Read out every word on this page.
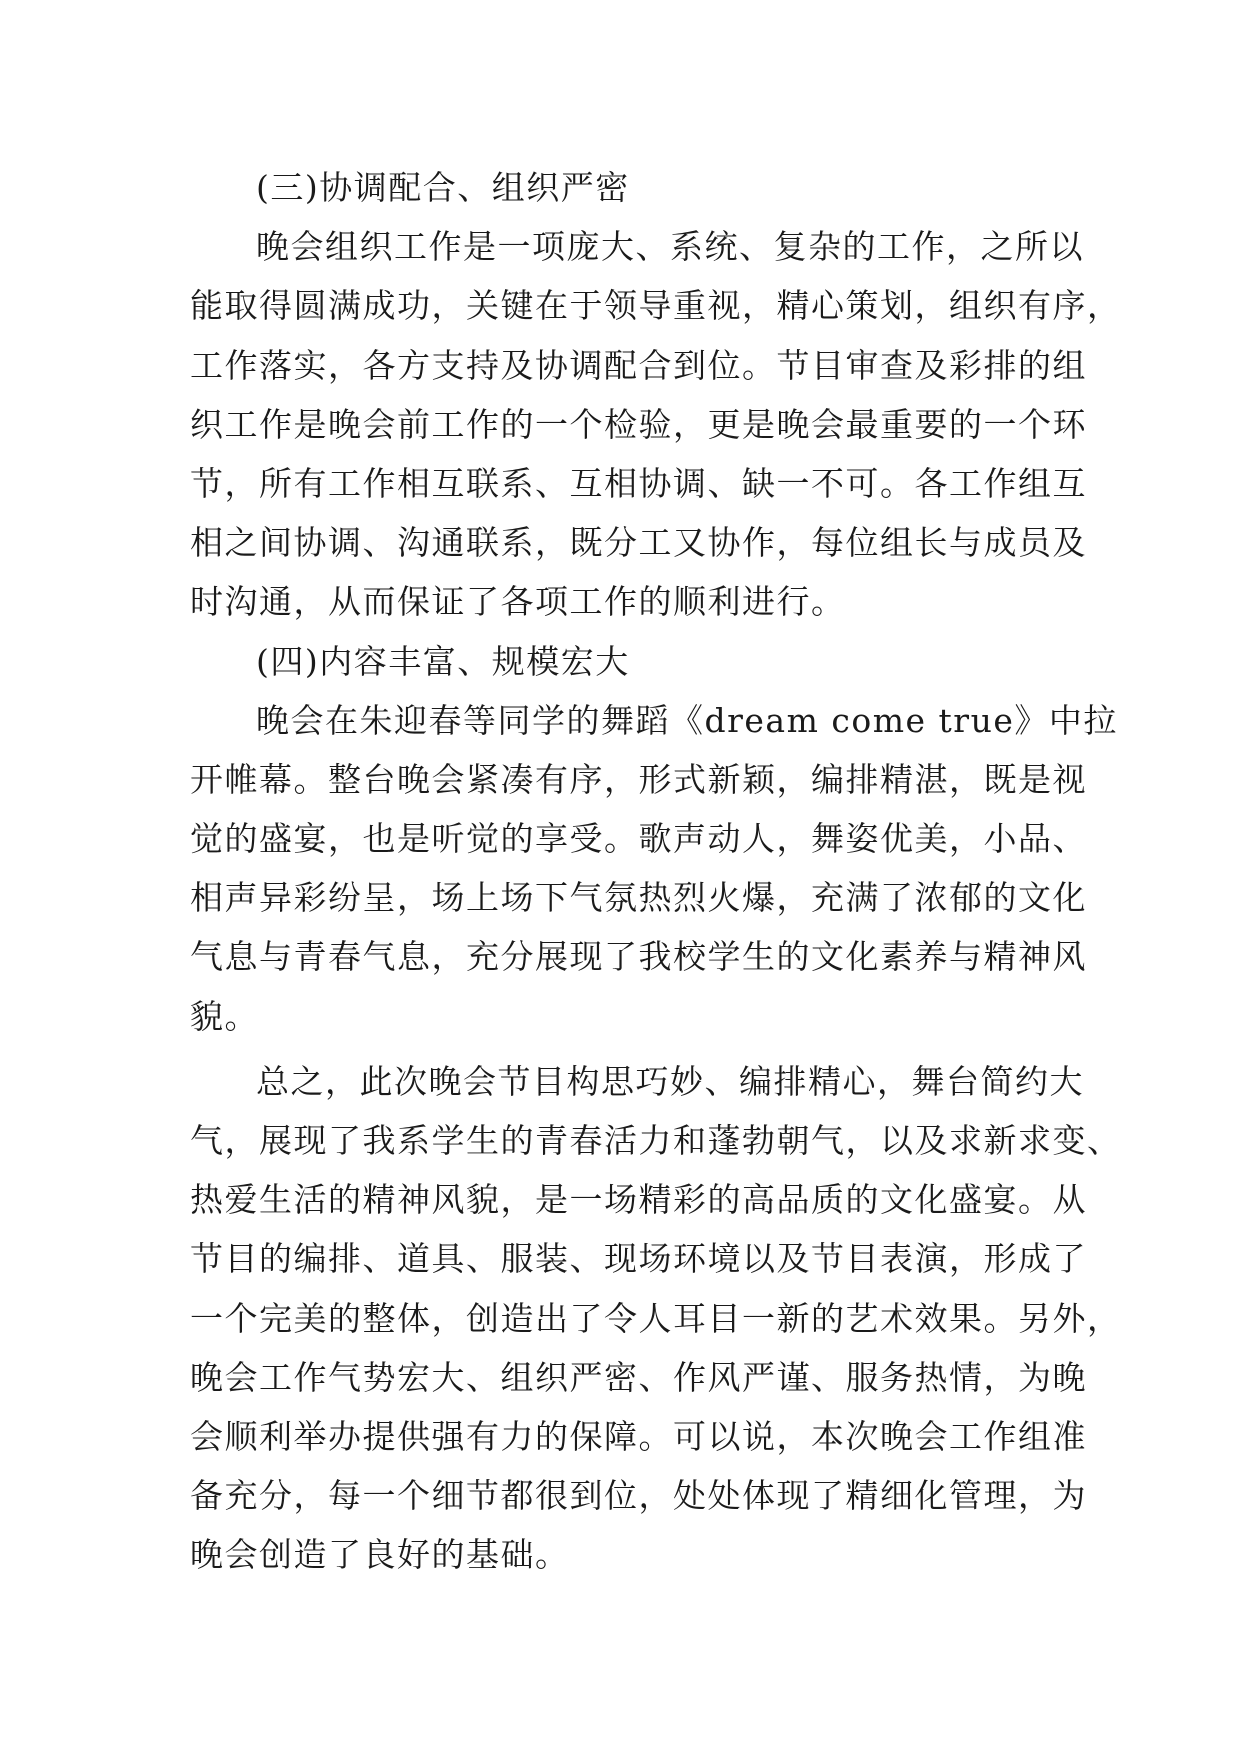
(三)协调配合、组织严密
晚会组织工作是一项庞大、系统、复杂的工作，之所以
能取得圆满成功，关键在于领导重视，精心策划，组织有序，
工作落实，各方支持及协调配合到位。节目审查及彩排的组
织工作是晚会前工作的一个检验，更是晚会最重要的一个环
节，所有工作相互联系、互相协调、缺一不可。各工作组互
相之间协调、沟通联系，既分工又协作，每位组长与成员及
时沟通，从而保证了各项工作的顺利进行。
(四)内容丰富、规模宏大
晚会在朱迎春等同学的舞蹈《dream come true》中拉
开帷幕。整台晚会紧凑有序，形式新颖，编排精湛，既是视
觉的盛宴，也是听觉的享受。歌声动人，舞姿优美，小品、
相声异彩纷呈，场上场下气氛热烈火爆，充满了浓郁的文化
气息与青春气息，充分展现了我校学生的文化素养与精神风
貌。
总之，此次晚会节目构思巧妙、编排精心，舞台简约大
气，展现了我系学生的青春活力和蓬勃朝气，以及求新求变、
热爱生活的精神风貌，是一场精彩的高品质的文化盛宴。从
节目的编排、道具、服装、现场环境以及节目表演，形成了
一个完美的整体，创造出了令人耳目一新的艺术效果。另外，
晚会工作气势宏大、组织严密、作风严谨、服务热情，为晚
会顺利举办提供强有力的保障。可以说，本次晚会工作组准
备充分，每一个细节都很到位，处处体现了精细化管理，为
晚会创造了良好的基础。
